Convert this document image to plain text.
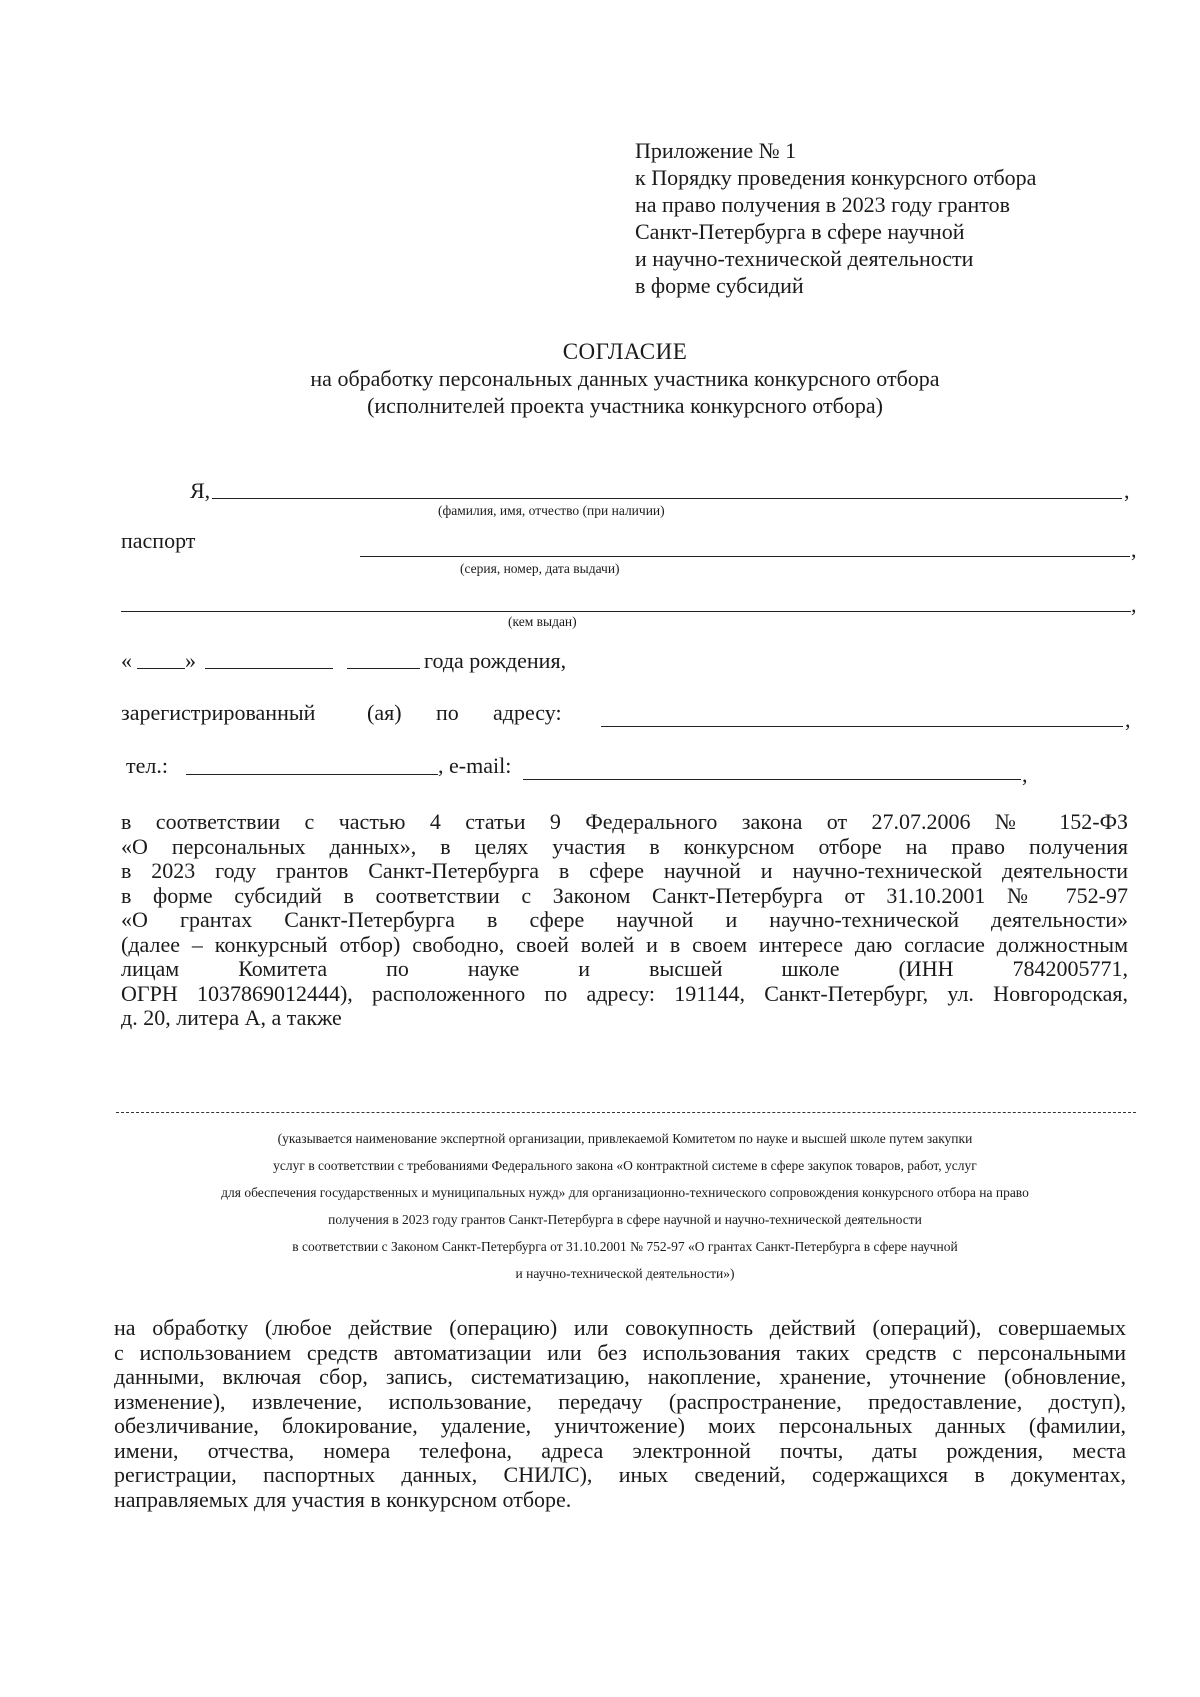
Приложение № 1
к Порядку проведения конкурсного отбора
на право получения в 2023 году грантов
Санкт-Петербурга в сфере научной
и научно-технической деятельности
в форме субсидий
СОГЛАСИЕ
на обработку персональных данных участника конкурсного отбора
(исполнителей проекта участника конкурсного отбора)
Я,	,
(фамилия, имя, отчество (при наличии)
паспорт	,
(серия, номер, дата выдачи)
,
(кем выдан)
« »	года рождения,
зарегистрированный (ая) по адресу:	,
тел.:	, e-mail:	,
в соответствии с частью 4 статьи 9 Федерального закона от 27.07.2006 № 152-ФЗ
«О персональных данных», в целях участия в конкурсном отборе на право получения
в 2023 году грантов Санкт-Петербурга в сфере научной и научно-технической деятельности
в форме субсидий в соответствии с Законом Санкт-Петербурга от 31.10.2001 № 752-97
«О грантах Санкт-Петербурга в сфере научной и научно-технической деятельности»
(далее – конкурсный отбор) свободно, своей волей и в своем интересе даю согласие должностным
лицам Комитета по науке и высшей школе (ИНН 7842005771,
ОГРН 1037869012444), расположенного по адресу: 191144, Санкт-Петербург, ул. Новгородская,
д. 20, литера А, а также
(указывается наименование экспертной организации, привлекаемой Комитетом по науке и высшей школе путем закупки
услуг в соответствии с требованиями Федерального закона «О контрактной системе в сфере закупок товаров, работ, услуг
для обеспечения государственных и муниципальных нужд» для организационно-технического сопровождения конкурсного отбора на право
получения в 2023 году грантов Санкт-Петербурга в сфере научной и научно-технической деятельности
в соответствии с Законом Санкт-Петербурга от 31.10.2001 № 752-97 «О грантах Санкт-Петербурга в сфере научной
и научно-технической деятельности»)
на обработку (любое действие (операцию) или совокупность действий (операций), совершаемых
с использованием средств автоматизации или без использования таких средств с персональными
данными, включая сбор, запись, систематизацию, накопление, хранение, уточнение (обновление,
изменение), извлечение, использование, передачу (распространение, предоставление, доступ),
обезличивание, блокирование, удаление, уничтожение) моих персональных данных (фамилии,
имени, отчества, номера телефона, адреса электронной почты, даты рождения, места
регистрации, паспортных данных, СНИЛС), иных сведений, содержащихся в документах,
направляемых для участия в конкурсном отборе.
